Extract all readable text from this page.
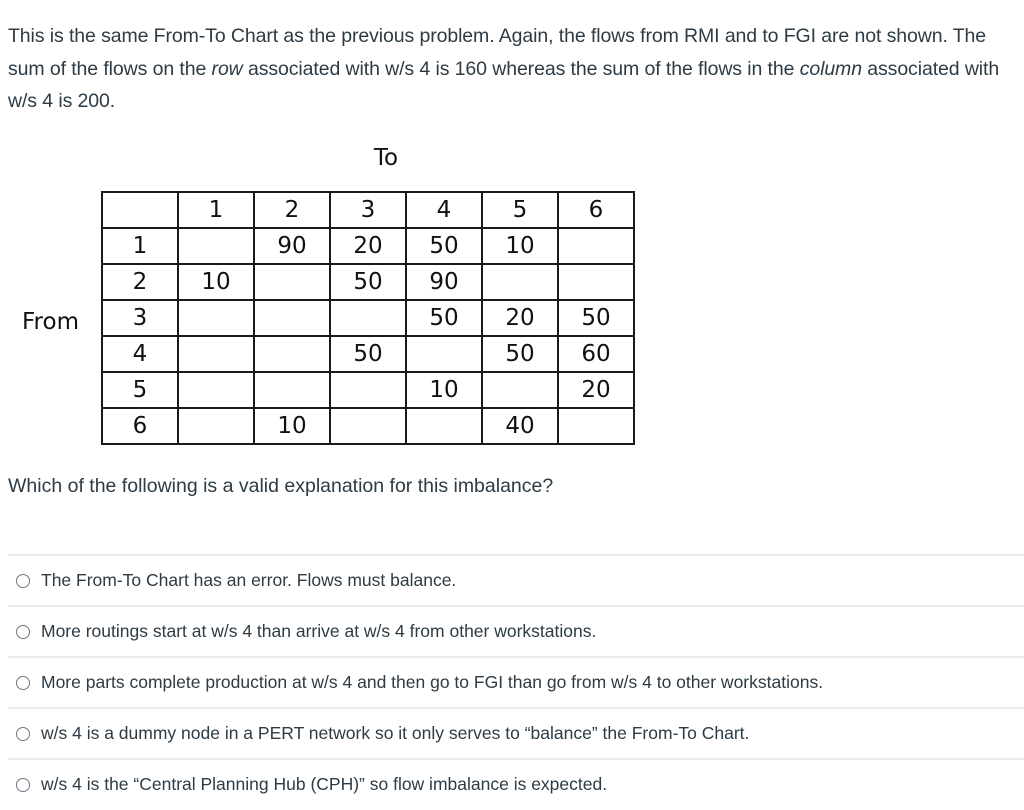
This is the same From-To Chart as the previous problem. Again, the flows from RMI and to FGI are not shown. The sum of the flows on the row associated with w/s 4 is 160 whereas the sum of the flows in the column associated with w/s 4 is 200.
To
From
	1	2	3	4	5	6
1		90	20	50	10	
2	10		50	90		
3				50	20	50
4			50		50	60
5				10		20
6		10			40	
Which of the following is a valid explanation for this imbalance?
The From-To Chart has an error. Flows must balance.
More routings start at w/s 4 than arrive at w/s 4 from other workstations.
More parts complete production at w/s 4 and then go to FGI than go from w/s 4 to other workstations.
w/s 4 is a dummy node in a PERT network so it only serves to “balance” the From-To Chart.
w/s 4 is the “Central Planning Hub (CPH)” so flow imbalance is expected.
